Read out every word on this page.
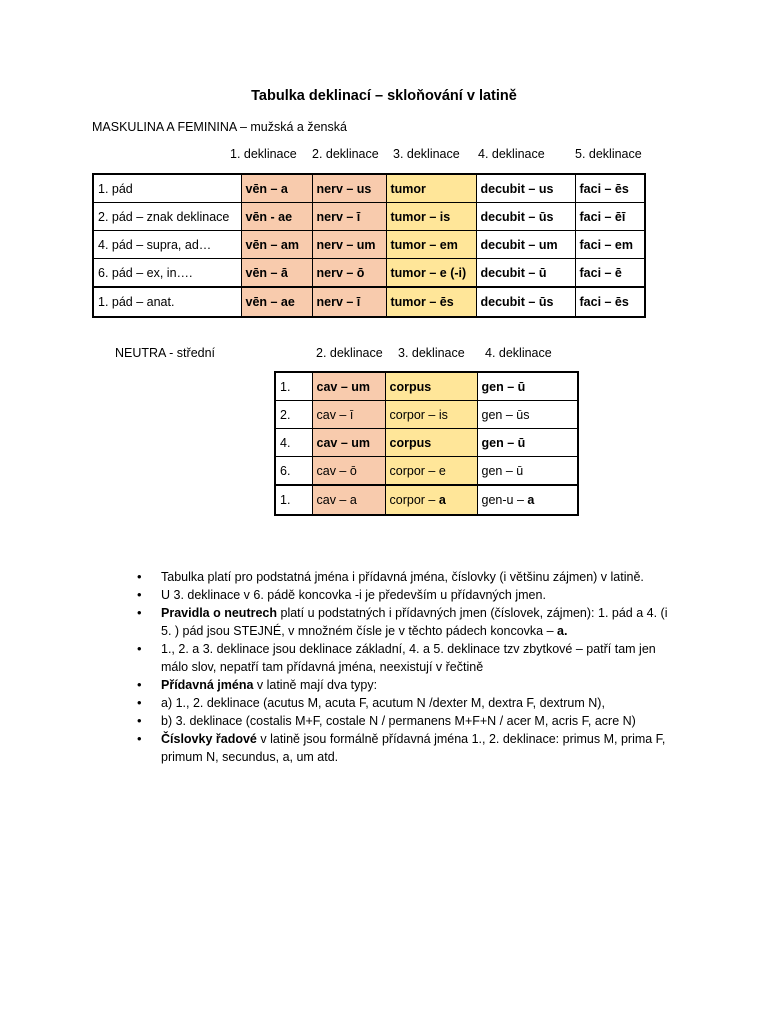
Tabulka deklinací – skloňování v latině
MASKULINA A FEMININA – mužská a ženská
1. deklinace 2. deklinace 3. deklinace 4. deklinace 5. deklinace
1. pád	vēn – a	nerv – us	tumor	decubit – us	faci – ēs
2. pád – znak deklinace	vēn - ae	nerv – ī	tumor – is	decubit – ūs	faci – ēī
4. pád – supra, ad…	vēn – am	nerv – um	tumor – em	decubit – um	faci – em
6. pád – ex, in….	vēn – ā	nerv – ō	tumor – e (-i)	decubit – ū	faci – ē
1. pád – anat.	vēn – ae	nerv – ī	tumor – ēs	decubit – ūs	faci – ēs
NEUTRA - střední	2. deklinace 3. deklinace 4. deklinace
1.	cav – um	corpus	gen – ū
2.	cav – ī	corpor – is	gen – ūs
4.	cav – um	corpus	gen – ū
6.	cav – ō	corpor – e	gen – ū
1.	cav – a	corpor – a	gen-u – a
• Tabulka platí pro podstatná jména i přídavná jména, číslovky (i většinu zájmen) v latině.
• U 3. deklinace v 6. pádě koncovka -i je především u přídavných jmen.
• Pravidla o neutrech platí u podstatných i přídavných jmen (číslovek, zájmen): 1. pád a 4. (i 5. ) pád jsou STEJNÉ, v množném čísle je v těchto pádech koncovka – a.
• 1., 2. a 3. deklinace jsou deklinace základní, 4. a 5. deklinace tzv zbytkové – patří tam jen málo slov, nepatří tam přídavná jména, neexistují v řečtině
• Přídavná jména v latině mají dva typy:
• a) 1., 2. deklinace (acutus M, acuta F, acutum N /dexter M, dextra F, dextrum N),
• b) 3. deklinace (costalis M+F, costale N / permanens M+F+N / acer M, acris F, acre N)
• Číslovky řadové v latině jsou formálně přídavná jména 1., 2. deklinace: primus M, prima F, primum N, secundus, a, um atd.
